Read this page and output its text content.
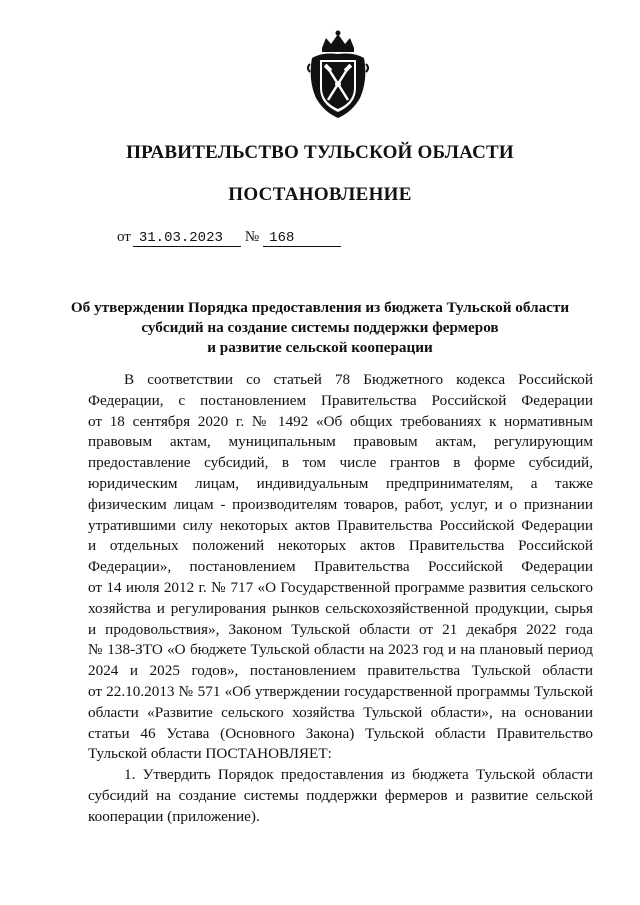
ПРАВИТЕЛЬСТВО ТУЛЬСКОЙ ОБЛАСТИ
ПОСТАНОВЛЕНИЕ
от 31.03.2023 № 168
Об утверждении Порядка предоставления из бюджета Тульской области
субсидий на создание системы поддержки фермеров
и развитие сельской кооперации
В соответствии со статьей 78 Бюджетного кодекса Российской
Федерации, с постановлением Правительства Российской Федерации
от 18 сентября 2020 г. № 1492 «Об общих требованиях к нормативным
правовым актам, муниципальным правовым актам, регулирующим
предоставление субсидий, в том числе грантов в форме субсидий,
юридическим лицам, индивидуальным предпринимателям, а также
физическим лицам - производителям товаров, работ, услуг, и о признании
утратившими силу некоторых актов Правительства Российской Федерации
и отдельных положений некоторых актов Правительства Российской
Федерации», постановлением Правительства Российской Федерации
от 14 июля 2012 г. № 717 «О Государственной программе развития сельского
хозяйства и регулирования рынков сельскохозяйственной продукции, сырья
и продовольствия», Законом Тульской области от 21 декабря 2022 года
№ 138-ЗТО «О бюджете Тульской области на 2023 год и на плановый период
2024 и 2025 годов», постановлением правительства Тульской области
от 22.10.2013 № 571 «Об утверждении государственной программы Тульской
области «Развитие сельского хозяйства Тульской области», на основании
статьи 46 Устава (Основного Закона) Тульской области Правительство
Тульской области ПОСТАНОВЛЯЕТ:
1. Утвердить Порядок предоставления из бюджета Тульской области
субсидий на создание системы поддержки фермеров и развитие сельской
кооперации (приложение).
